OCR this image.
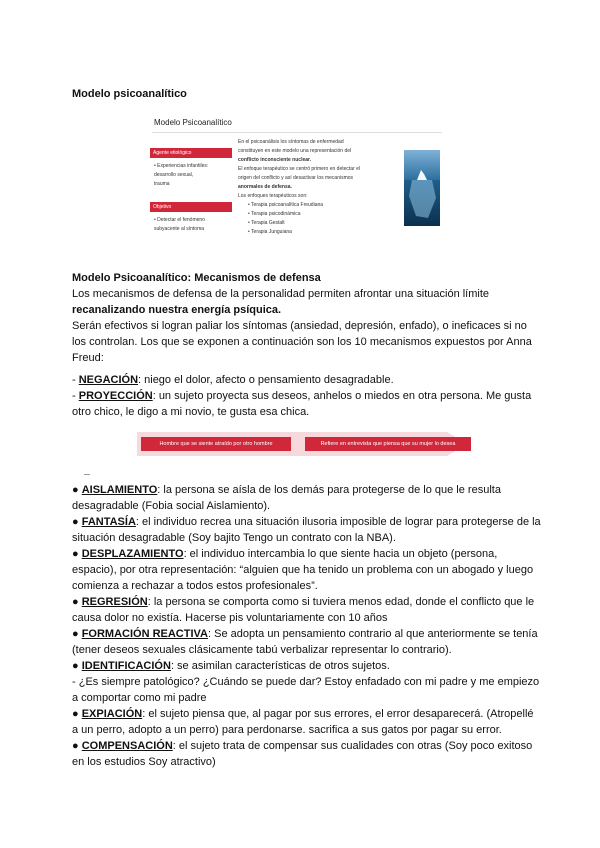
Modelo psicoanalítico
Modelo Psicoanalítico
Agente etiológico
• Experiencias infantiles:
desarrollo sexual,
trauma
Objetivo
• Detectar el fenómeno
subyacente al síntoma

En el psicoanálisis los síntomas de enfermedad

constituyen en este modelo una representación del

conflicto inconsciente nuclear.

El enfoque terapéutico se centró primero en detectar el

origen del conflicto y así desactivar los mecanismos

anormales de defensa.

Los enfoques terapéuticos son:

• Terapia psicoanalítica Freudiana

• Terapia psicodinámica

• Terapia Gestalt

• Terapia Junguiana

Modelo Psicoanalítico: Mecanismos de defensa

Los mecanismos de defensa de la personalidad permiten afrontar una situación límite
recanalizando nuestra energía psíquica.

Serán efectivos si logran paliar los síntomas (ansiedad, depresión, enfado), o ineficaces si no los controlan. Los que se exponen a continuación son los 10 mecanismos expuestos por Anna Freud:

- NEGACIÓN: niego el dolor, afecto o pensamiento desagradable.

- PROYECCIÓN: un sujeto proyecta sus deseos, anhelos o miedos en otra persona. Me gusta otro chico, le digo a mi novio, te gusta esa chica.

Hombre que se siente atraído por otro hombre	Refiere en entrevista que piensa que su mujer lo desea

● AISLAMIENTO: la persona se aísla de los demás para protegerse de lo que le resulta desagradable (Fobia social Aislamiento).

● FANTASÍA: el individuo recrea una situación ilusoria imposible de lograr para protegerse de la situación desagradable (Soy bajito Tengo un contrato con la NBA).

● DESPLAZAMIENTO: el individuo intercambia lo que siente hacia un objeto (persona, espacio), por otra representación: “alguien que ha tenido un problema con un abogado y luego comienza a rechazar a todos estos profesionales”.

● REGRESIÓN: la persona se comporta como si tuviera menos edad, donde el conflicto que le causa dolor no existía. Hacerse pis voluntariamente con 10 años

● FORMACIÓN REACTIVA: Se adopta un pensamiento contrario al que anteriormente se tenía (tener deseos sexuales clásicamente tabú verbalizar representar lo contrario).

● IDENTIFICACIÓN: se asimilan características de otros sujetos.

- ¿Es siempre patológico? ¿Cuándo se puede dar? Estoy enfadado con mi padre y me empiezo a comportar como mi padre

● EXPIACIÓN: el sujeto piensa que, al pagar por sus errores, el error desaparecerá. (Atropellé a un perro, adopto a un perro) para perdonarse. sacrifica a sus gatos por pagar su error.

● COMPENSACIÓN: el sujeto trata de compensar sus cualidades con otras (Soy poco exitoso en los estudios Soy atractivo)
